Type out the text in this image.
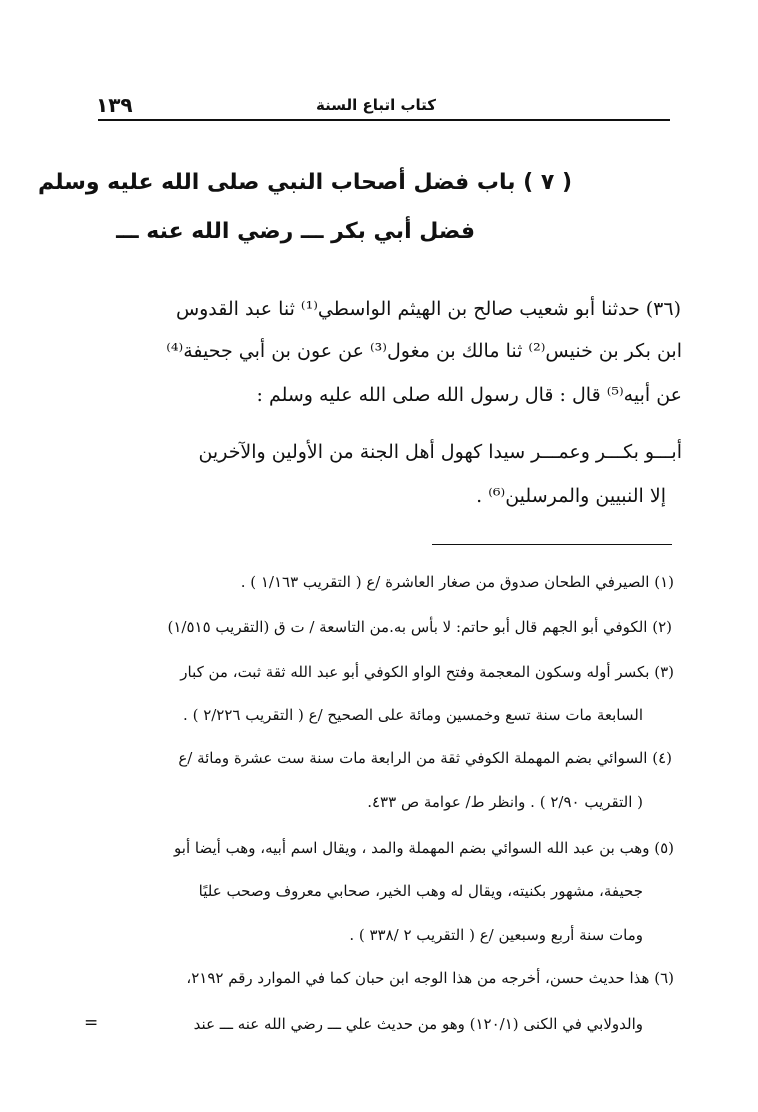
١٣٩	كتاب اتباع السنة
( ٧ ) باب فضل أصحاب النبي صلى الله عليه وسلم
فضل أبي بكر ـــ رضي الله عنه ـــ
(٣٦) حدثنا أبو شعيب صالح بن الهيثم الواسطي⁽¹⁾ ثنا عبد القدوس
ابن بكر بن خنيس⁽²⁾ ثنا مالك بن مغول⁽³⁾ عن عون بن أبي جحيفة⁽⁴⁾
عن أبيه⁽⁵⁾ قال : قال رسول الله صلى الله عليه وسلم :
أبـــو بكـــر وعمـــر سيدا كهول أهل الجنة من الأولين والآخرين
إلا النبيين والمرسلين⁽⁶⁾ .
(١) الصيرفي الطحان صدوق من صغار العاشرة /ع ( التقريب ١/١٦٣ ) .
(٢) الكوفي أبو الجهم قال أبو حاتم: لا بأس به.من التاسعة / ت ق (التقريب ١/٥١٥)
(٣) بكسر أوله وسكون المعجمة وفتح الواو الكوفي أبو عبد الله ثقة ثبت، من كبار
السابعة مات سنة تسع وخمسين ومائة على الصحيح /ع ( التقريب ٢/٢٢٦ ) .
(٤) السوائي بضم المهملة الكوفي ثقة من الرابعة مات سنة ست عشرة ومائة /ع
( التقريب ٢/٩٠ ) . وانظر ط/ عوامة ص ٤٣٣.
(٥) وهب بن عبد الله السوائي بضم المهملة والمد ، ويقال اسم أبيه، وهب أيضا أبو
جحيفة، مشهور بكنيته، ويقال له وهب الخير، صحابي معروف وصحب عليًا
ومات سنة أربع وسبعين /ع ( التقريب ٢ /٣٣٨ ) .
(٦) هذا حديث حسن، أخرجه من هذا الوجه ابن حبان كما في الموارد رقم ٢١٩٢،
والدولابي في الكنى (١٢٠/١) وهو من حديث علي ـــ رضي الله عنه ـــ عند
=
